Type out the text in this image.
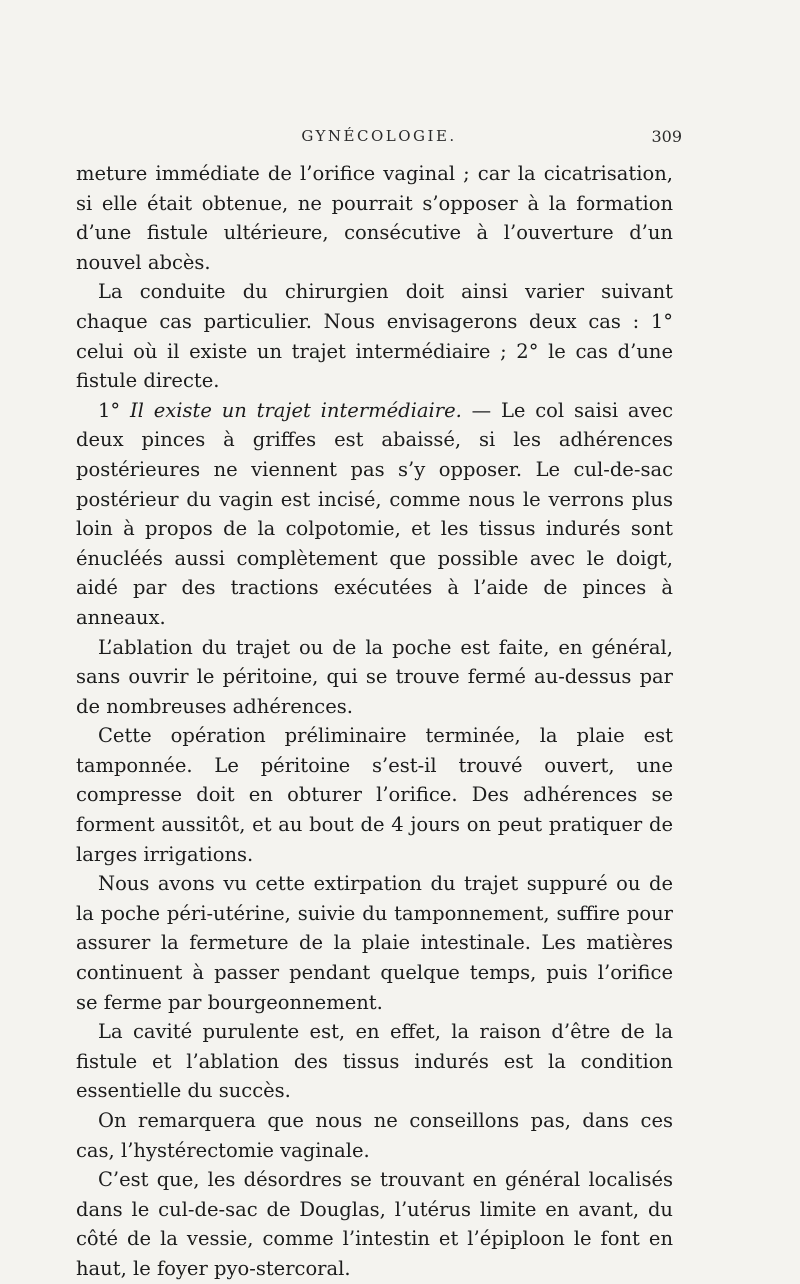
GYNÉCOLOGIE.	309

meture immédiate de l’orifice vaginal ; car la cicatrisation, si elle était obtenue, ne pourrait s’opposer à la formation d’une fistule ultérieure, consécutive à l’ouverture d’un nouvel abcès.

La conduite du chirurgien doit ainsi varier suivant chaque cas particulier. Nous envisagerons deux cas : 1° celui où il existe un trajet intermédiaire ; 2° le cas d’une fistule directe.

1° Il existe un trajet intermédiaire. — Le col saisi avec deux pinces à griffes est abaissé, si les adhérences postérieures ne viennent pas s’y opposer. Le cul-de-sac postérieur du vagin est incisé, comme nous le verrons plus loin à propos de la colpotomie, et les tissus indurés sont énucléés aussi complètement que possible avec le doigt, aidé par des tractions exécutées à l’aide de pinces à anneaux.

L’ablation du trajet ou de la poche est faite, en général, sans ouvrir le péritoine, qui se trouve fermé au-dessus par de nombreuses adhérences.

Cette opération préliminaire terminée, la plaie est tamponnée. Le péritoine s’est-il trouvé ouvert, une compresse doit en obturer l’orifice. Des adhérences se forment aussitôt, et au bout de 4 jours on peut pratiquer de larges irrigations.

Nous avons vu cette extirpation du trajet suppuré ou de la poche péri-utérine, suivie du tamponnement, suffire pour assurer la fermeture de la plaie intestinale. Les matières continuent à passer pendant quelque temps, puis l’orifice se ferme par bourgeonnement.

La cavité purulente est, en effet, la raison d’être de la fistule et l’ablation des tissus indurés est la condition essentielle du succès.

On remarquera que nous ne conseillons pas, dans ces cas, l’hystérectomie vaginale.

C’est que, les désordres se trouvant en général localisés dans le cul-de-sac de Douglas, l’utérus limite en avant, du côté de la vessie, comme l’intestin et l’épiploon le font en haut, le foyer pyo-stercoral.
